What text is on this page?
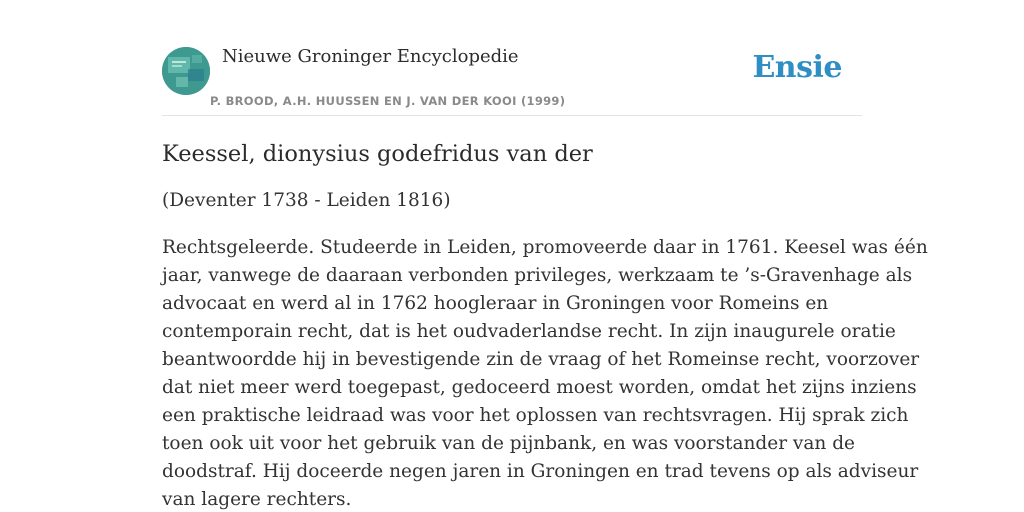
Nieuwe Groninger Encyclopedie
P. BROOD, A.H. HUUSSEN EN J. VAN DER KOOI (1999)
Ensie
Keessel, dionysius godefridus van der

(Deventer 1738 - Leiden 1816)

Rechtsgeleerde. Studeerde in Leiden, promoveerde daar in 1761. Keesel was één
jaar, vanwege de daaraan verbonden privileges, werkzaam te ’s-Gravenhage als
advocaat en werd al in 1762 hoogleraar in Groningen voor Romeins en
contemporain recht, dat is het oudvaderlandse recht. In zijn inaugurele oratie
beantwoordde hij in bevestigende zin de vraag of het Romeinse recht, voorzover
dat niet meer werd toegepast, gedoceerd moest worden, omdat het zijns inziens
een praktische leidraad was voor het oplossen van rechtsvragen. Hij sprak zich
toen ook uit voor het gebruik van de pijnbank, en was voorstander van de
doodstraf. Hij doceerde negen jaren in Groningen en trad tevens op als adviseur
van lagere rechters.
